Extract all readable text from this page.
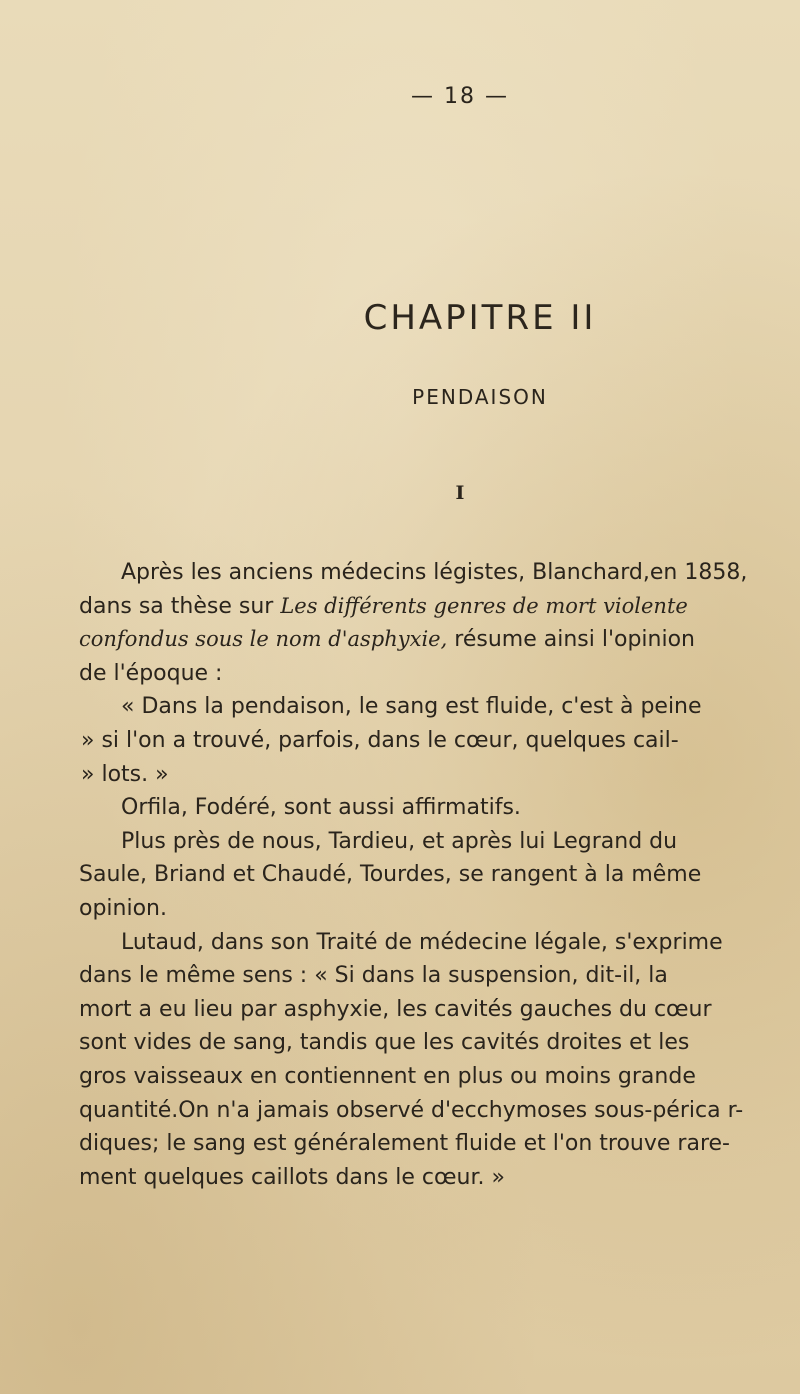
— 18 —
CHAPITRE II
PENDAISON
I
Après les anciens médecins légistes, Blanchard,en 1858,
dans sa thèse sur Les différents genres de mort violente
confondus sous le nom d'asphyxie, résume ainsi l'opinion
de l'époque :
« Dans la pendaison, le sang est fluide, c'est à peine
» si l'on a trouvé, parfois, dans le cœur, quelques cail-
» lots. »
Orfila, Fodéré, sont aussi affirmatifs.
Plus près de nous, Tardieu, et après lui Legrand du
Saule, Briand et Chaudé, Tourdes, se rangent à la même
opinion.
Lutaud, dans son Traité de médecine légale, s'exprime
dans le même sens : « Si dans la suspension, dit-il, la
mort a eu lieu par asphyxie, les cavités gauches du cœur
sont vides de sang, tandis que les cavités droites et les
gros vaisseaux en contiennent en plus ou moins grande
quantité.On n'a jamais observé d'ecchymoses sous-périca r-
diques; le sang est généralement fluide et l'on trouve rare-
ment quelques caillots dans le cœur. »
